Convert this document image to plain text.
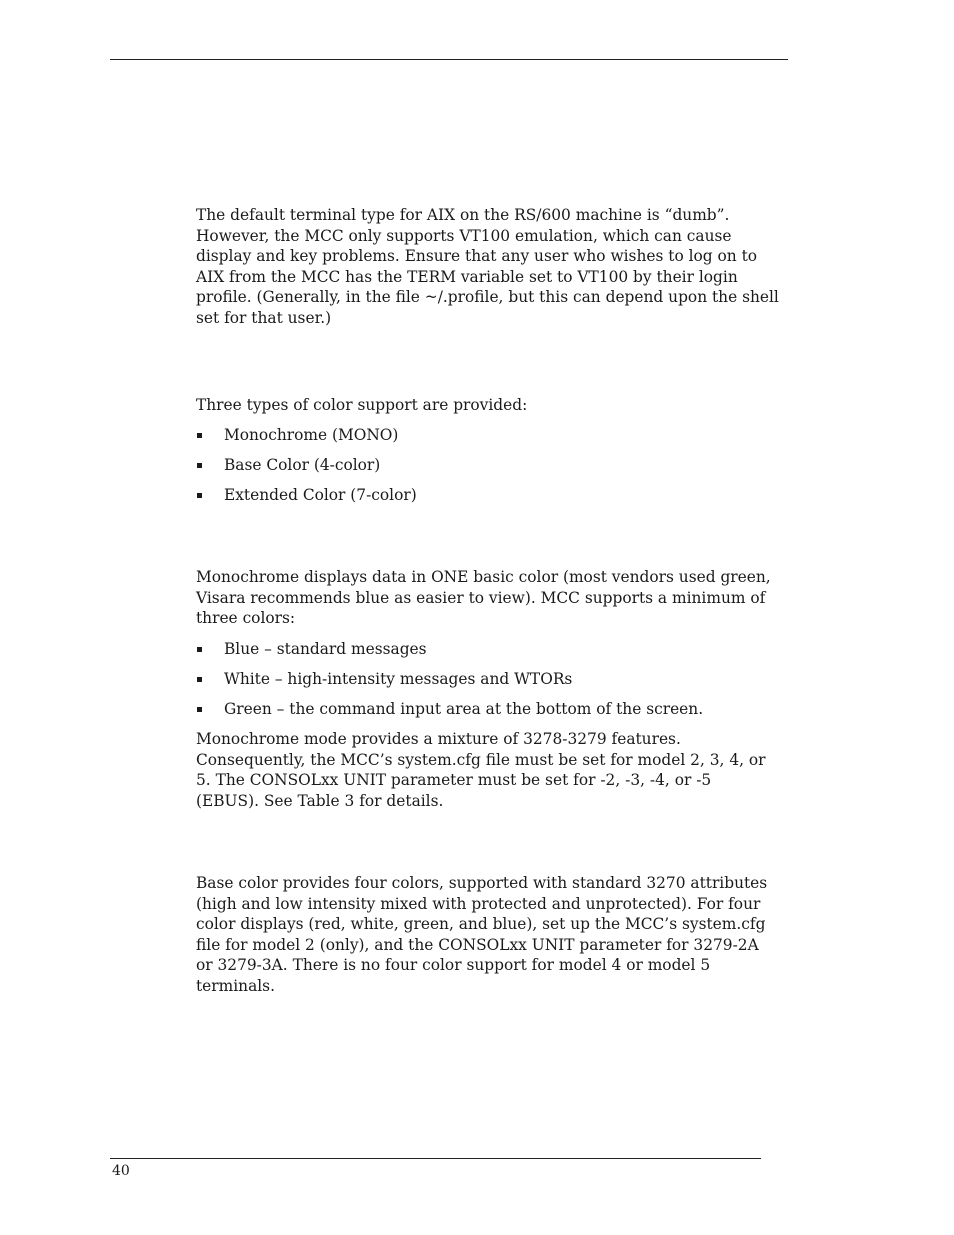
The default terminal type for AIX on the RS/600 machine is “dumb”.
However, the MCC only supports VT100 emulation, which can cause
display and key problems. Ensure that any user who wishes to log on to
AIX from the MCC has the TERM variable set to VT100 by their login
profile. (Generally, in the file ~/.profile, but this can depend upon the shell
set for that user.)
Three types of color support are provided:
Monochrome (MONO)
Base Color (4-color)
Extended Color (7-color)
Monochrome displays data in ONE basic color (most vendors used green,
Visara recommends blue as easier to view). MCC supports a minimum of
three colors:
Blue – standard messages
White – high-intensity messages and WTORs
Green – the command input area at the bottom of the screen.
Monochrome mode provides a mixture of 3278-3279 features.
Consequently, the MCC’s system.cfg file must be set for model 2, 3, 4, or
5. The CONSOLxx UNIT parameter must be set for -2, -3, -4, or -5
(EBUS). See Table 3 for details.
Base color provides four colors, supported with standard 3270 attributes
(high and low intensity mixed with protected and unprotected). For four
color displays (red, white, green, and blue), set up the MCC’s system.cfg
file for model 2 (only), and the CONSOLxx UNIT parameter for 3279-2A
or 3279-3A. There is no four color support for model 4 or model 5
terminals.
40
